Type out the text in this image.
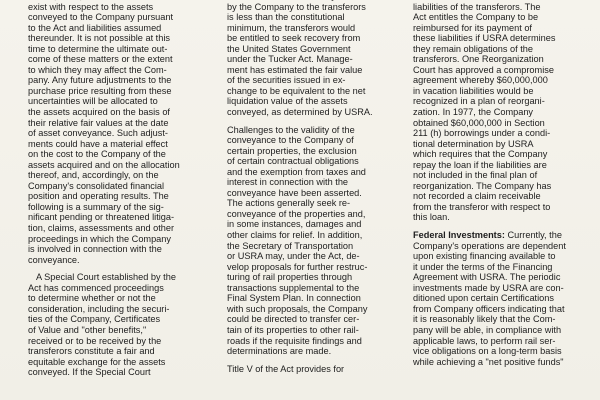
exist with respect to the assets
conveyed to the Company pursuant
to the Act and liabilities assumed
thereunder. It is not possible at this
time to determine the ultimate out-
come of these matters or the extent
to which they may affect the Com-
pany. Any future adjustments to the
purchase price resulting from these
uncertainties will be allocated to
the assets acquired on the basis of
their relative fair values at the date
of asset conveyance. Such adjust-
ments could have a material effect
on the cost to the Company of the
assets acquired and on the allocation
thereof, and, accordingly, on the
Company's consolidated financial
position and operating results. The
following is a summary of the sig-
nificant pending or threatened litiga-
tion, claims, assessments and other
proceedings in which the Company
is involved in connection with the
conveyance.

A Special Court established by the
Act has commenced proceedings
to determine whether or not the
consideration, including the securi-
ties of the Company, Certificates
of Value and "other benefits,"
received or to be received by the
transferors constitute a fair and
equitable exchange for the assets
conveyed. If the Special Court

by the Company to the transferors
is less than the constitutional
minimum, the transferors would
be entitled to seek recovery from
the United States Government
under the Tucker Act. Manage-
ment has estimated the fair value
of the securities issued in ex-
change to be equivalent to the net
liquidation value of the assets
conveyed, as determined by USRA.

Challenges to the validity of the
conveyance to the Company of
certain properties, the exclusion
of certain contractual obligations
and the exemption from taxes and
interest in connection with the
conveyance have been asserted.
The actions generally seek re-
conveyance of the properties and,
in some instances, damages and
other claims for relief. In addition,
the Secretary of Transportation
or USRA may, under the Act, de-
velop proposals for further restruc-
turing of rail properties through
transactions supplemental to the
Final System Plan. In connection
with such proposals, the Company
could be directed to transfer cer-
tain of its properties to other rail-
roads if the requisite findings and
determinations are made.

Title V of the Act provides for

liabilities of the transferors. The
Act entitles the Company to be
reimbursed for its payment of
these liabilities if USRA determines
they remain obligations of the
transferors. One Reorganization
Court has approved a compromise
agreement whereby $60,000,000
in vacation liabilities would be
recognized in a plan of reorgani-
zation. In 1977, the Company
obtained $60,000,000 in Section
211 (h) borrowings under a condi-
tional determination by USRA
which requires that the Company
repay the loan if the liabilities are
not included in the final plan of
reorganization. The Company has
not recorded a claim receivable
from the transferor with respect to
this loan.

Federal Investments: Currently, the
Company's operations are dependent
upon existing financing available to
it under the terms of the Financing
Agreement with USRA. The periodic
investments made by USRA are con-
ditioned upon certain Certifications
from Company officers indicating that
it is reasonably likely that the Com-
pany will be able, in compliance with
applicable laws, to perform rail ser-
vice obligations on a long-term basis
while achieving a "net positive funds"
